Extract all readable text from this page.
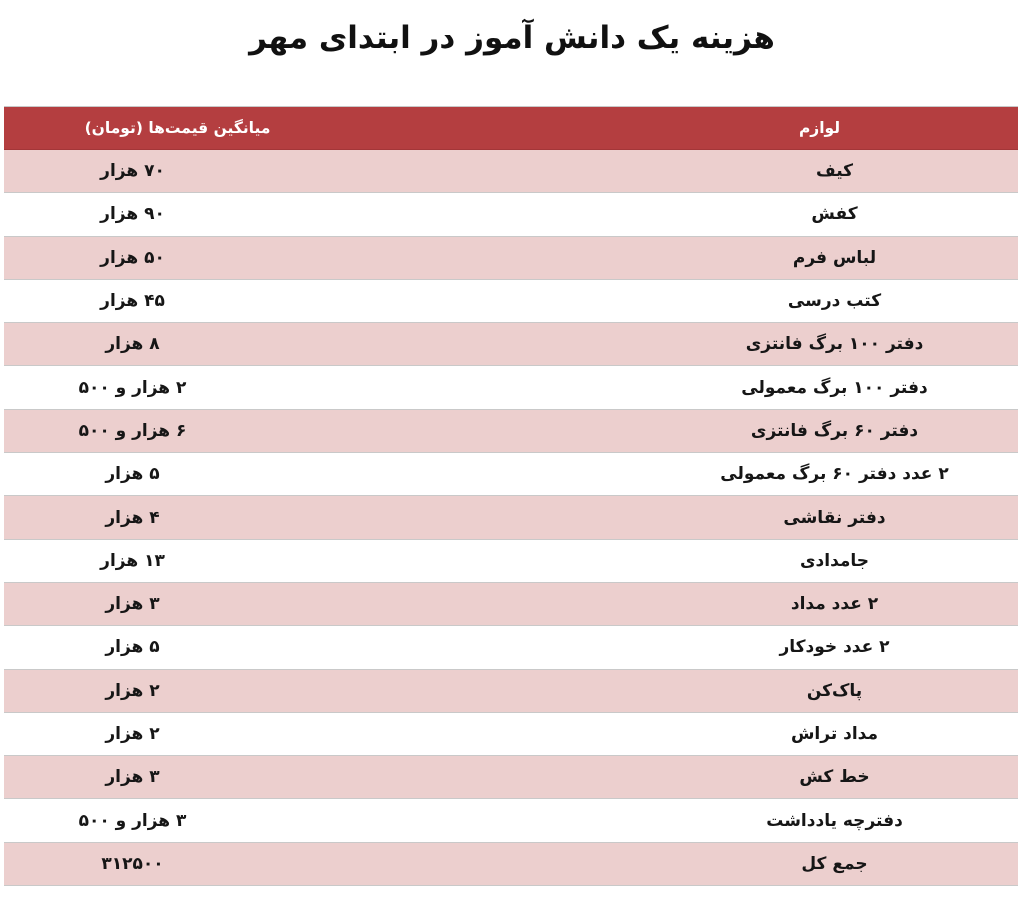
هزینه یک دانش آموز در ابتدای مهر
لوازم
میانگین قیمت‌ها (تومان)
کیف
۷۰ هزار
کفش
۹۰ هزار
لباس فرم
۵۰ هزار
کتب درسی
۴۵ هزار
دفتر ۱۰۰ برگ فانتزی
۸ هزار
دفتر ۱۰۰ برگ معمولی
۲ هزار و ۵۰۰
دفتر ۶۰ برگ فانتزی
۶ هزار و ۵۰۰
۲ عدد دفتر ۶۰ برگ معمولی
۵ هزار
دفتر نقاشی
۴ هزار
جامدادی
۱۳ هزار
۲ عدد مداد
۳ هزار
۲ عدد خودکار
۵ هزار
پاک‌کن
۲ هزار
مداد تراش
۲ هزار
خط کش
۳ هزار
دفترچه یادداشت
۳ هزار و ۵۰۰
جمع کل
۳۱۲۵۰۰
